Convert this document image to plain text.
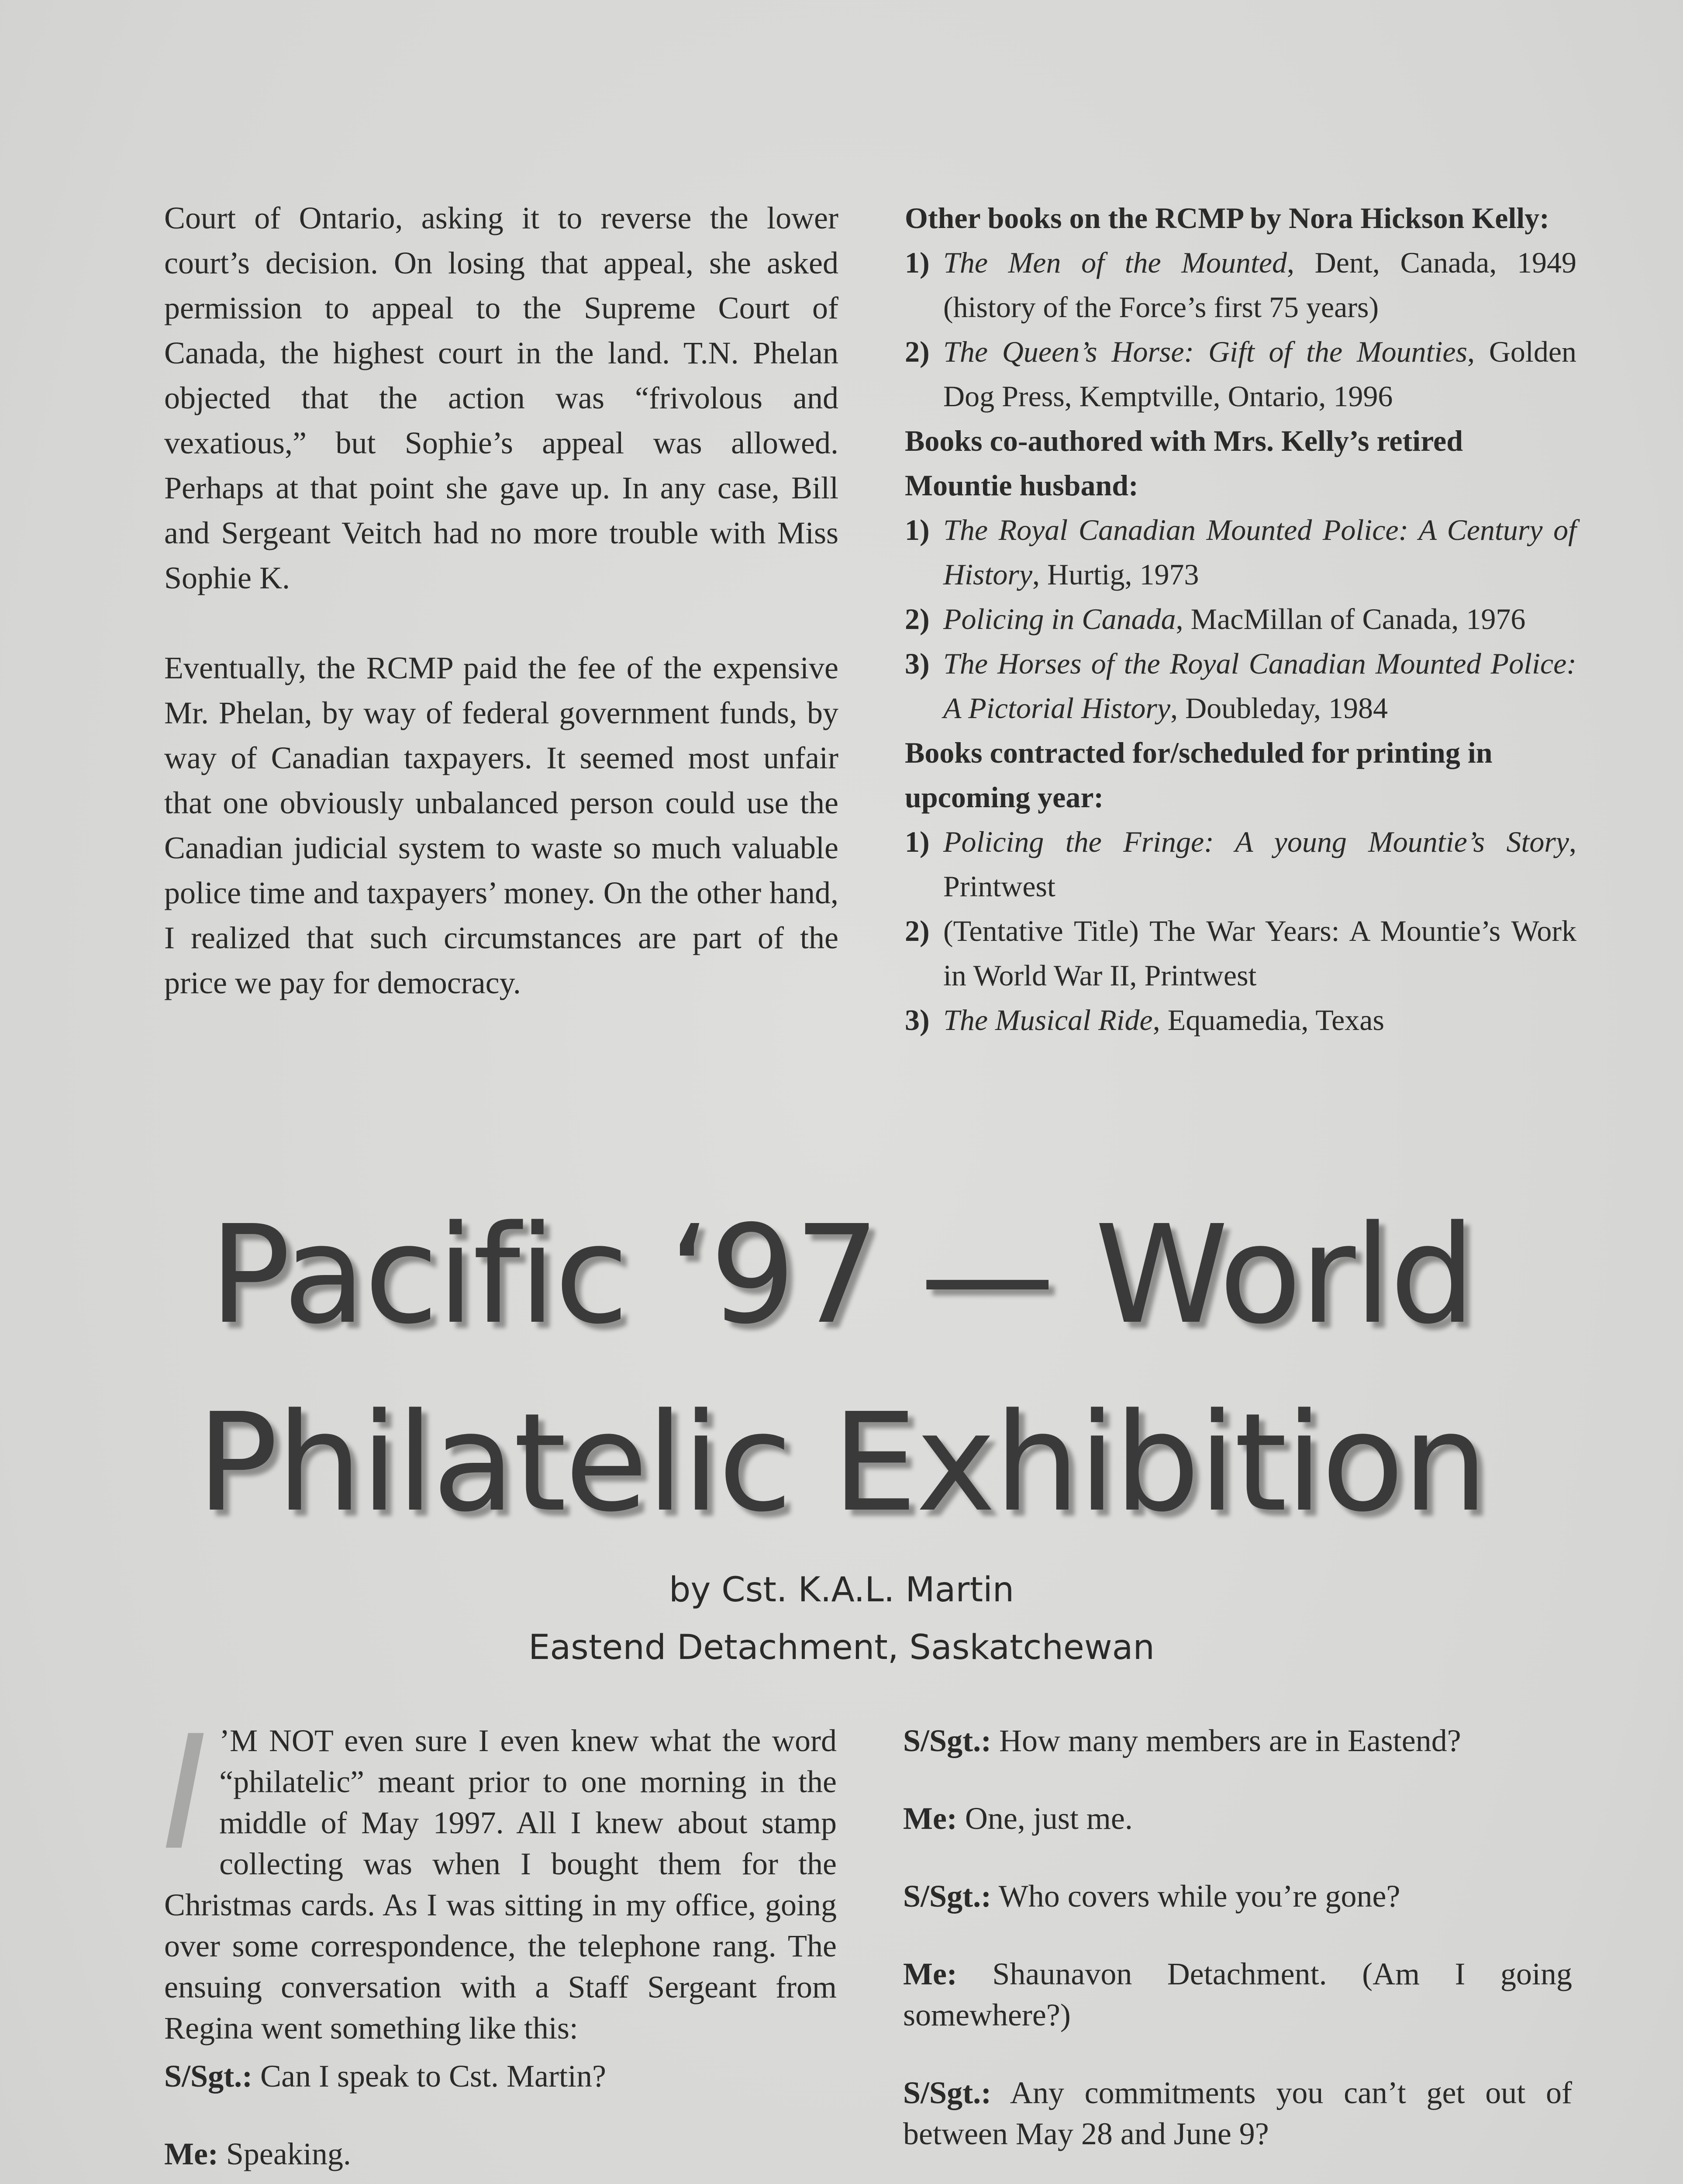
Court of Ontario, asking it to reverse the lower court’s decision. On losing that appeal, she asked permission to appeal to the Supreme Court of Canada, the highest court in the land. T.N. Phelan objected that the action was “frivolous and vexatious,” but Sophie’s appeal was allowed. Perhaps at that point she gave up. In any case, Bill and Sergeant Veitch had no more trouble with Miss Sophie K.

Eventually, the RCMP paid the fee of the expensive Mr. Phelan, by way of federal government funds, by way of Canadian taxpayers. It seemed most unfair that one obviously unbalanced person could use the Canadian judicial system to waste so much valuable police time and taxpayers’ money. On the other hand, I realized that such circumstances are part of the price we pay for democracy.

Other books on the RCMP by Nora Hickson Kelly:

1) The Men of the Mounted, Dent, Canada, 1949 (history of the Force’s first 75 years)

2) The Queen’s Horse: Gift of the Mounties, Golden Dog Press, Kemptville, Ontario, 1996

Books co-authored with Mrs. Kelly’s retired Mountie husband:

1) The Royal Canadian Mounted Police: A Century of History, Hurtig, 1973

2) Policing in Canada, MacMillan of Canada, 1976

3) The Horses of the Royal Canadian Mounted Police: A Pictorial History, Doubleday, 1984

Books contracted for/scheduled for printing in upcoming year:

1) Policing the Fringe: A young Mountie’s Story, Printwest

2) (Tentative Title) The War Years: A Mountie’s Work in World War II, Printwest

3) The Musical Ride, Equamedia, Texas

Pacific ‘97 — World
Philatelic Exhibition
by Cst. K.A.L. Martin
Eastend Detachment, Saskatchewan

I ’M NOT even sure I even knew what the word “philatelic” meant prior to one morning in the middle of May 1997. All I knew about stamp collecting was when I bought them for the Christmas cards. As I was sitting in my office, going over some correspondence, the telephone rang. The ensuing conversation with a Staff Sergeant from Regina went something like this:

S/Sgt.: Can I speak to Cst. Martin?

Me: Speaking.

S/Sgt.: How many members are in Eastend?

Me: One, just me.

S/Sgt.: Who covers while you’re gone?

Me: Shaunavon Detachment. (Am I going somewhere?)

S/Sgt.: Any commitments you can’t get out of between May 28 and June 9?
